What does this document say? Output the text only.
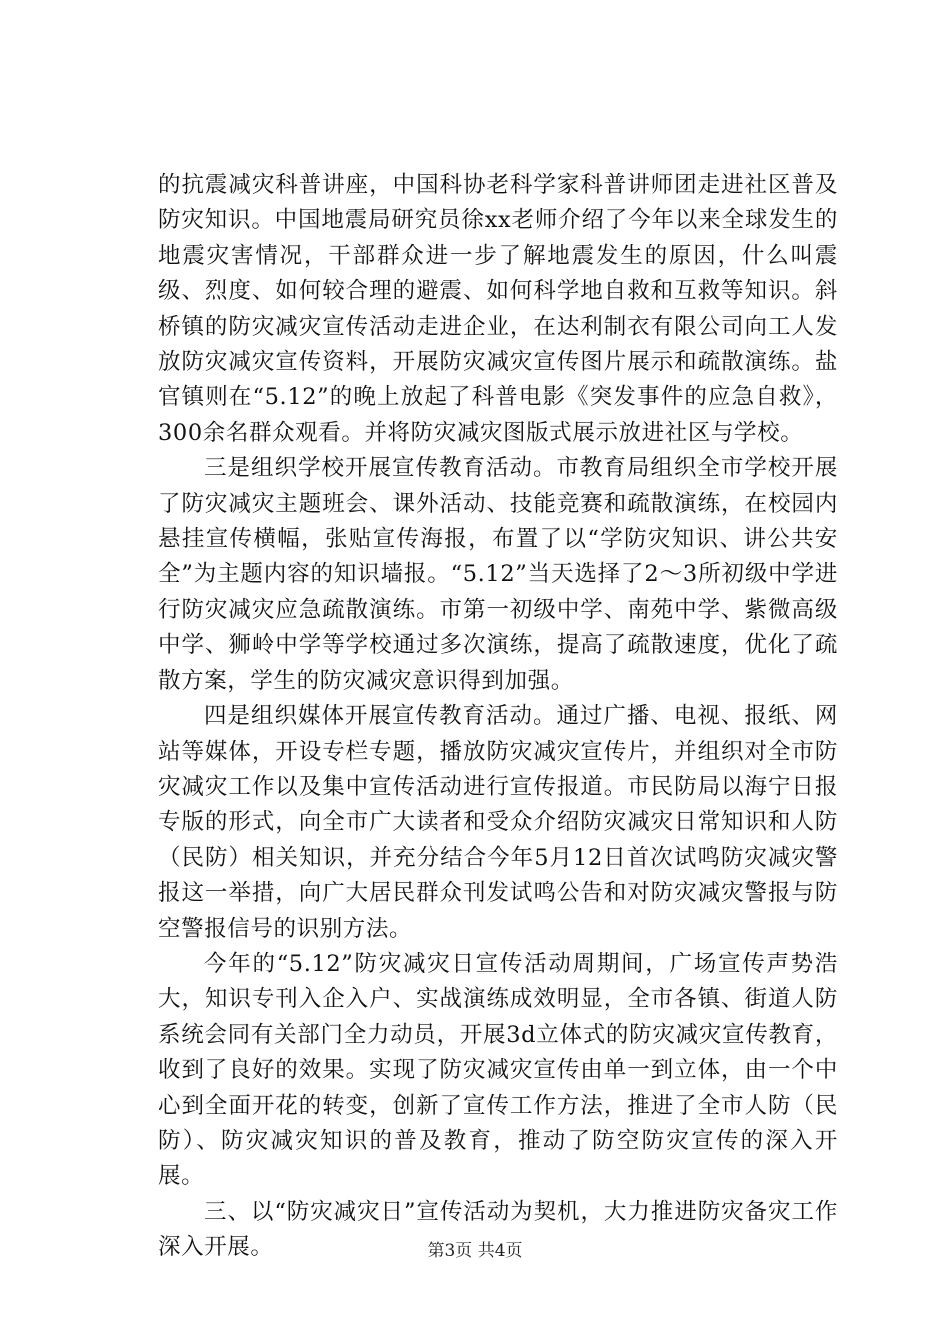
的抗震减灾科普讲座，中国科协老科学家科普讲师团走进社区普及防灾知识。中国地震局研究员徐xx老师介绍了今年以来全球发生的地震灾害情况，干部群众进一步了解地震发生的原因，什么叫震级、烈度、如何较合理的避震、如何科学地自救和互救等知识。斜桥镇的防灾减灾宣传活动走进企业，在达利制衣有限公司向工人发放防灾减灾宣传资料，开展防灾减灾宣传图片展示和疏散演练。盐官镇则在“5.12”的晚上放起了科普电影《突发事件的应急自救》，300余名群众观看。并将防灾减灾图版式展示放进社区与学校。

三是组织学校开展宣传教育活动。市教育局组织全市学校开展了防灾减灾主题班会、课外活动、技能竞赛和疏散演练，在校园内悬挂宣传横幅，张贴宣传海报，布置了以“学防灾知识、讲公共安全”为主题内容的知识墙报。“5.12”当天选择了2～3所初级中学进行防灾减灾应急疏散演练。市第一初级中学、南苑中学、紫微高级中学、狮岭中学等学校通过多次演练，提高了疏散速度，优化了疏散方案，学生的防灾减灾意识得到加强。

四是组织媒体开展宣传教育活动。通过广播、电视、报纸、网站等媒体，开设专栏专题，播放防灾减灾宣传片，并组织对全市防灾减灾工作以及集中宣传活动进行宣传报道。市民防局以海宁日报专版的形式，向全市广大读者和受众介绍防灾减灾日常知识和人防（民防）相关知识，并充分结合今年5月12日首次试鸣防灾减灾警报这一举措，向广大居民群众刊发试鸣公告和对防灾减灾警报与防空警报信号的识别方法。

今年的“5.12”防灾减灾日宣传活动周期间，广场宣传声势浩大，知识专刊入企入户、实战演练成效明显，全市各镇、街道人防系统会同有关部门全力动员，开展3d立体式的防灾减灾宣传教育，收到了良好的效果。实现了防灾减灾宣传由单一到立体，由一个中心到全面开花的转变，创新了宣传工作方法，推进了全市人防（民防）、防灾减灾知识的普及教育，推动了防空防灾宣传的深入开展。

三、以“防灾减灾日”宣传活动为契机，大力推进防灾备灾工作深入开展。	第3页 共4页
